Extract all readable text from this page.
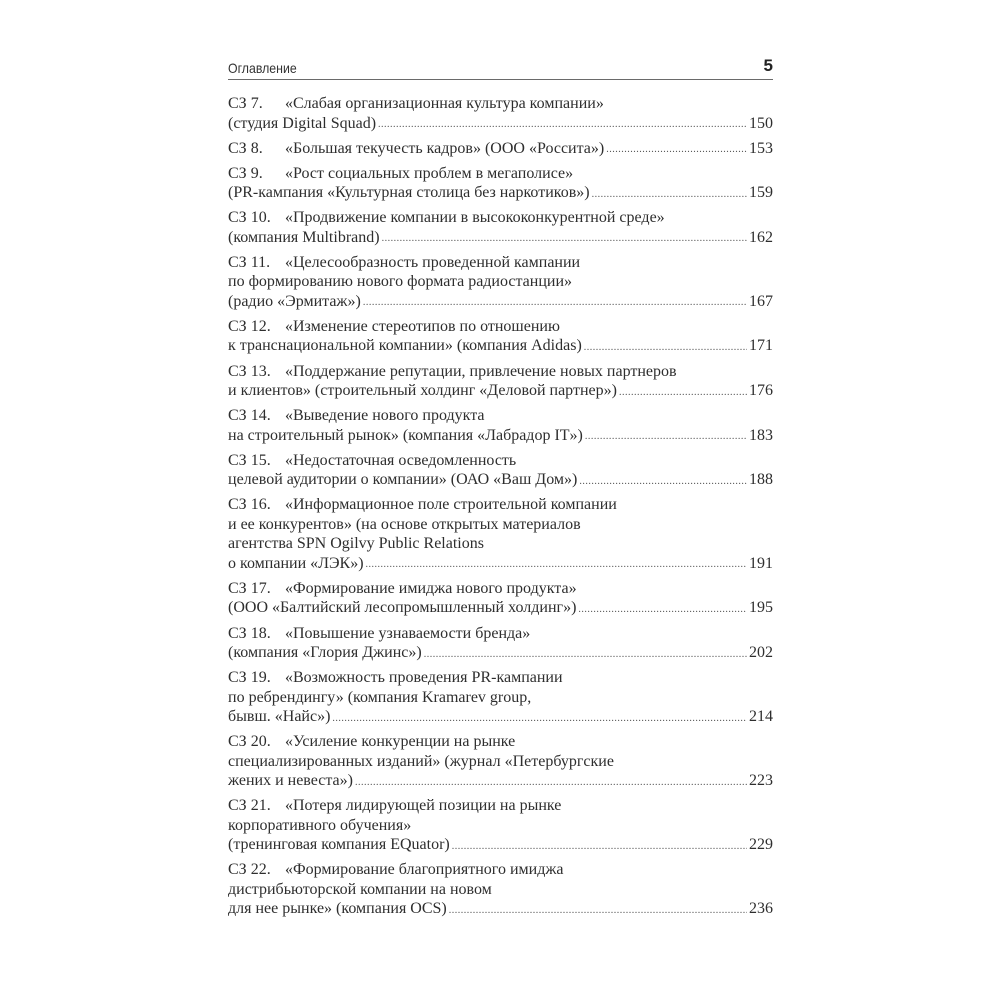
Оглавление	5
СЗ 7.	«Слабая организационная культура компании»
(студия Digital Squad) .....	150
СЗ 8.	«Большая текучесть кадров» (ООО «Россита») .....	153
СЗ 9.	«Рост социальных проблем в мегаполисе»
(PR-кампания «Культурная столица без наркотиков») .....	159
СЗ 10. «Продвижение компании в высококонкурентной среде»
(компания Multibrand) .....	162
СЗ 11. «Целесообразность проведенной кампании
по формированию нового формата радиостанции»
(радио «Эрмитаж») .....	167
СЗ 12. «Изменение стереотипов по отношению
к транснациональной компании» (компания Adidas) .....	171
СЗ 13. «Поддержание репутации, привлечение новых партнеров
и клиентов» (строительный холдинг «Деловой партнер») .....	176
СЗ 14. «Выведение нового продукта
на строительный рынок» (компания «Лабрадор IT») .....	183
СЗ 15. «Недостаточная осведомленность
целевой аудитории о компании» (ОАО «Ваш Дом») .....	188
СЗ 16. «Информационное поле строительной компании
и ее конкурентов» (на основе открытых материалов
агентства SPN Ogilvy Public Relations
о компании «ЛЭК») .....	191
СЗ 17. «Формирование имиджа нового продукта»
(ООО «Балтийский лесопромышленный холдинг») .....	195
СЗ 18. «Повышение узнаваемости бренда»
(компания «Глория Джинс») .....	202
СЗ 19. «Возможность проведения PR-кампании
по ребрендингу» (компания Kramarev group,
бывш. «Найс») .....	214
СЗ 20. «Усиление конкуренции на рынке
специализированных изданий» (журнал «Петербургские
жених и невеста») .....	223
СЗ 21. «Потеря лидирующей позиции на рынке
корпоративного обучения»
(тренинговая компания EQuator) .....	229
СЗ 22. «Формирование благоприятного имиджа
дистрибьюторской компании на новом
для нее рынке» (компания OCS) .....	236
